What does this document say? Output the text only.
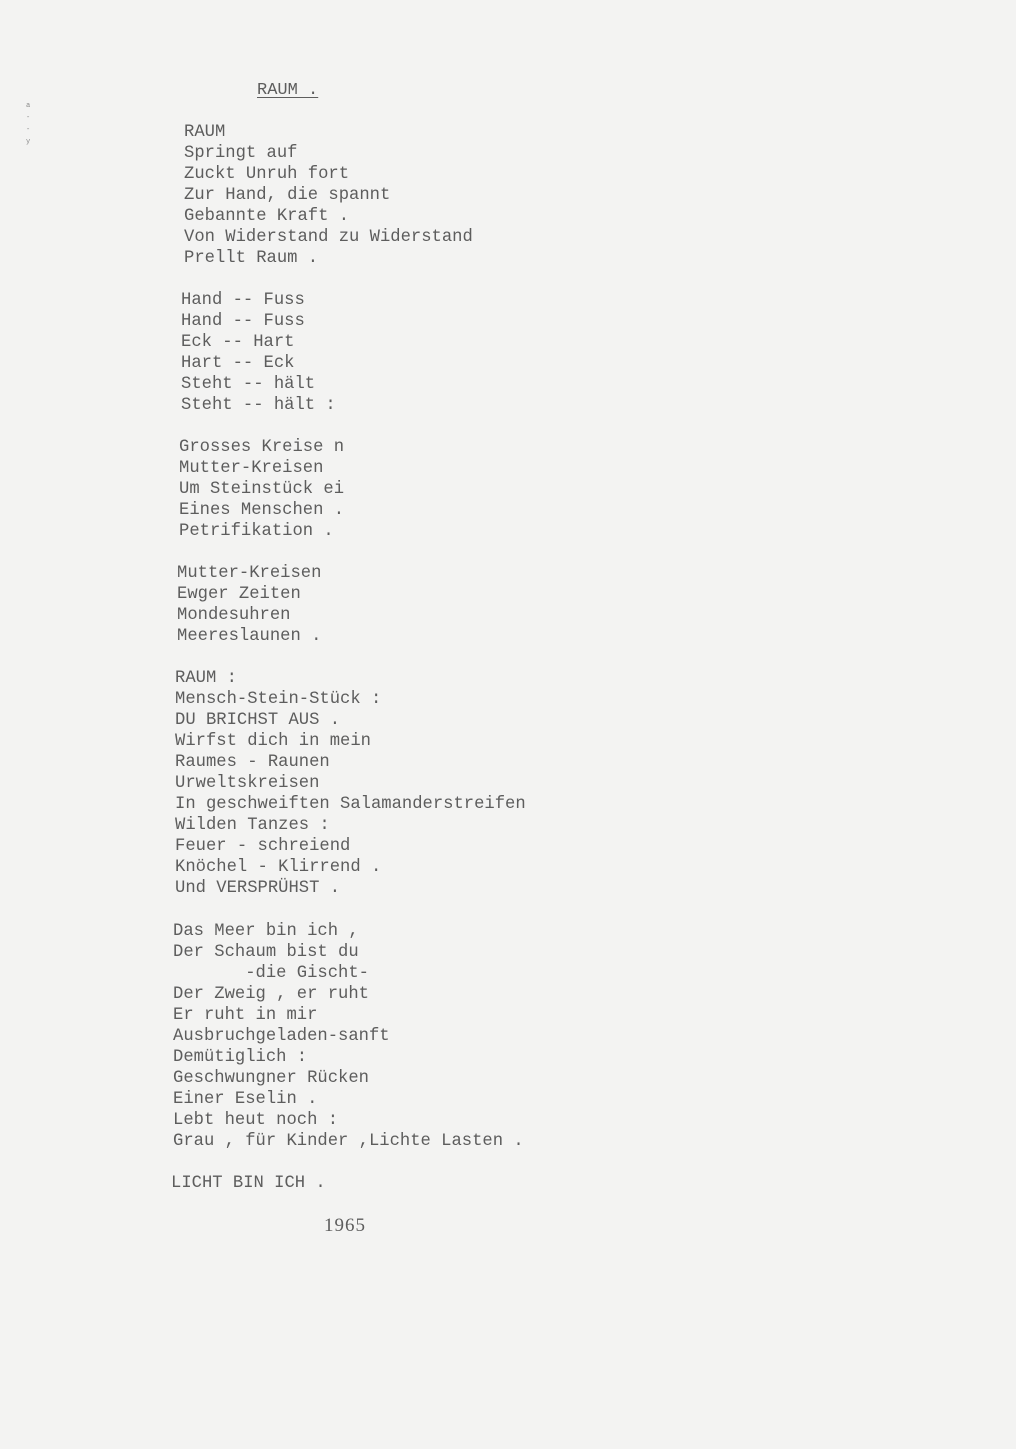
a
-
-
y
RAUM .
RAUM
Springt auf
Zuckt Unruh fort
Zur Hand, die spannt
Gebannte Kraft .
Von Widerstand zu Widerstand
Prellt Raum .
Hand -- Fuss
Hand -- Fuss
Eck -- Hart
Hart -- Eck
Steht -- hält
Steht -- hält :
Grosses Kreise n
Mutter-Kreisen
Um Steinstück ei
Eines Menschen .
Petrifikation .
Mutter-Kreisen
Ewger Zeiten
Mondesuhren
Meereslaunen .
RAUM :
Mensch-Stein-Stück :
DU BRICHST AUS .
Wirfst dich in mein
Raumes - Raunen
Urweltskreisen
In geschweiften Salamanderstreifen
Wilden Tanzes :
Feuer - schreiend
Knöchel - Klirrend .
Und VERSPRÜHST .
Das Meer bin ich ,
Der Schaum bist du
-die Gischt-
Der Zweig , er ruht
Er ruht in mir
Ausbruchgeladen-sanft
Demütiglich :
Geschwungner Rücken
Einer Eselin .
Lebt heut noch :
Grau , für Kinder ,Lichte Lasten .
LICHT BIN ICH .
1965
